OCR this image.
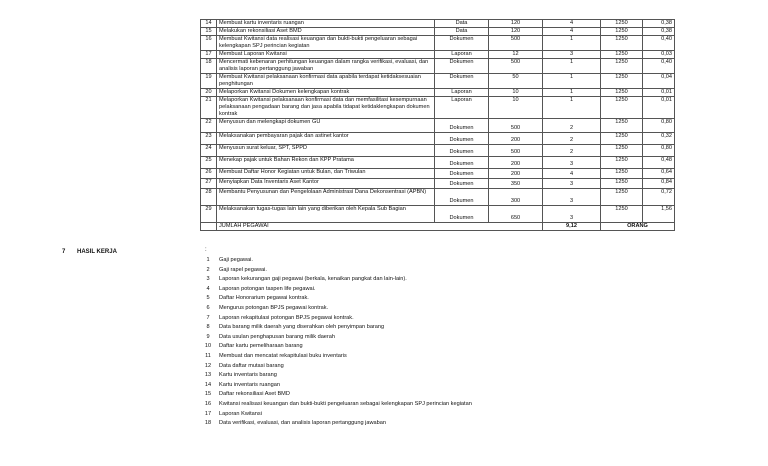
14	Membuat kartu inventaris ruangan	Data	120	4	1250	0,38
15	Melakukan rekonsiliasi Aset BMD	Data	120	4	1250	0,38
16	Membuat Kwitansi data realisasi keuangan dan bukti-bukti pengeluaran sebagai kelengkapan SPJ perincian kegiatan	Dokumen	500	1	1250	0,40
17	Membuat Laporan Kwitansi	Laporan	12	3	1250	0,03
18	Mencermati kebenaran perhitungan keuangan dalam rangka verifikasi, evaluasi, dan analisis laporan pertanggung jawaban	Dokumen	500	1	1250	0,40
19	Membuat Kwitansi pelaksanaan konfirmasi data apabila terdapat ketidaksesuaian penghitungan	Dokumen	50	1	1250	0,04
20	Melaporkan Kwitansi Dokumen kelengkapan kontrak	Laporan	10	1	1250	0,01
21	Melaporkan Kwitansi pelaksanaan konfirmasi data dan memfasilitasi kesempurnaan pelaksanaan pengadaan barang dan jasa apabila tidapat ketidaklengkapan dokumen kontrak	Laporan	10	1	1250	0,01
22	Menyusun dan melengkapi dokumen GU	Dokumen	500	2	1250	0,80
23	Melaksanakan pembayaran pajak dan astinet kantor	Dokumen	200	2	1250	0,32
24	Menyusun surat keluar, SPT, SPPD	Dokumen	500	2	1250	0,80
25	Menekap pajak untuk Bahan Rekon dan KPP Pratama	Dokumen	200	3	1250	0,48
26	Membuat Daftar Honor Kegiatan untuk Bulan, dan Triwulan	Dokumen	200	4	1250	0,64
27	Menyiapkan Data Inventaris Aset Kantor	Dokumen	350	3	1250	0,84
28	Membantu Penyusunan dan Pengelolaan Administrasi Dana Dekonsentrasi (APBN)	Dokumen	300	3	1250	0,72
29	Melaksanakan tugas-tugas lain lain yang diberikan oleh Kepala Sub Bagian	Dokumen	650	3	1250	1,56
	JUMLAH PEGAWAI			9,12	ORANG	
7 HASIL KERJA	:
1	Gaji pegawai.
2	Gaji rapel pegawai.
3	Laporan kekurangan gaji pegawai (berkala, kenaikan pangkat dan lain-lain).
4	Laporan potongan taspen life pegawai.
5	Daftar Honorarium pegawai kontrak.
6	Mengurus potongan BPJS pegawai kontrak.
7	Laporan rekapitulasi potongan BPJS pegawai kontrak.
8	Data barang milik daerah yang diserahkan oleh penyimpan barang
9	Data usulan penghapusan barang milik daerah
10	Daftar kartu pemeliharaan barang
11	Membuat dan mencatat rekapitulasi buku inventaris
12	Data daftar mutasi barang
13	Kartu inventaris barang
14	Kartu inventaris ruangan
15	Daftar rekonsiliasi Aset BMD
16	Kwitansi realisasi keuangan dan bukti-bukti pengeluaran sebagai kelengkapan SPJ perincian kegiatan
17	Laporan Kwitansi
18	Data verifikasi, evaluasi, dan analisis laporan pertanggung jawaban
